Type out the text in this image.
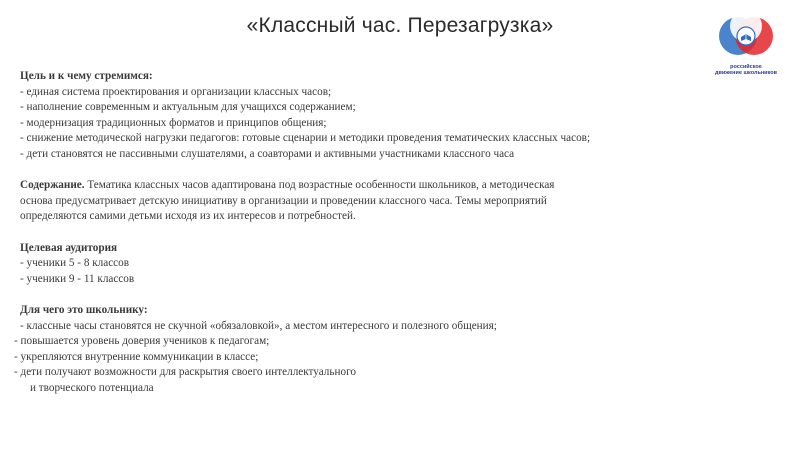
«Классный час. Перезагрузка»
российское
движение школьников
Цель и к чему стремимся:
- единая система проектирования и организации классных часов;
- наполнение современным и актуальным для учащихся содержанием;
- модернизация традиционных форматов и принципов общения;
- снижение методической нагрузки педагогов: готовые сценарии и методики проведения тематических классных часов;
- дети становятся не пассивными слушателями, а соавторами и активными участниками классного часа
Содержание. Тематика классных часов адаптирована под возрастные особенности школьников, а методическая
основа предусматривает детскую инициативу в организации и проведении классного часа. Темы мероприятий
определяются самими детьми исходя из их интересов и потребностей.
Целевая аудитория
- ученики 5 - 8 классов
- ученики 9 - 11 классов
Для чего это школьнику:
- классные часы становятся не скучной «обязаловкой», а местом интересного и полезного общения;
- повышается уровень доверия учеников к педагогам;
- укрепляются внутренние коммуникации в классе;
- дети получают возможности для раскрытия своего интеллектуального
и творческого потенциала
